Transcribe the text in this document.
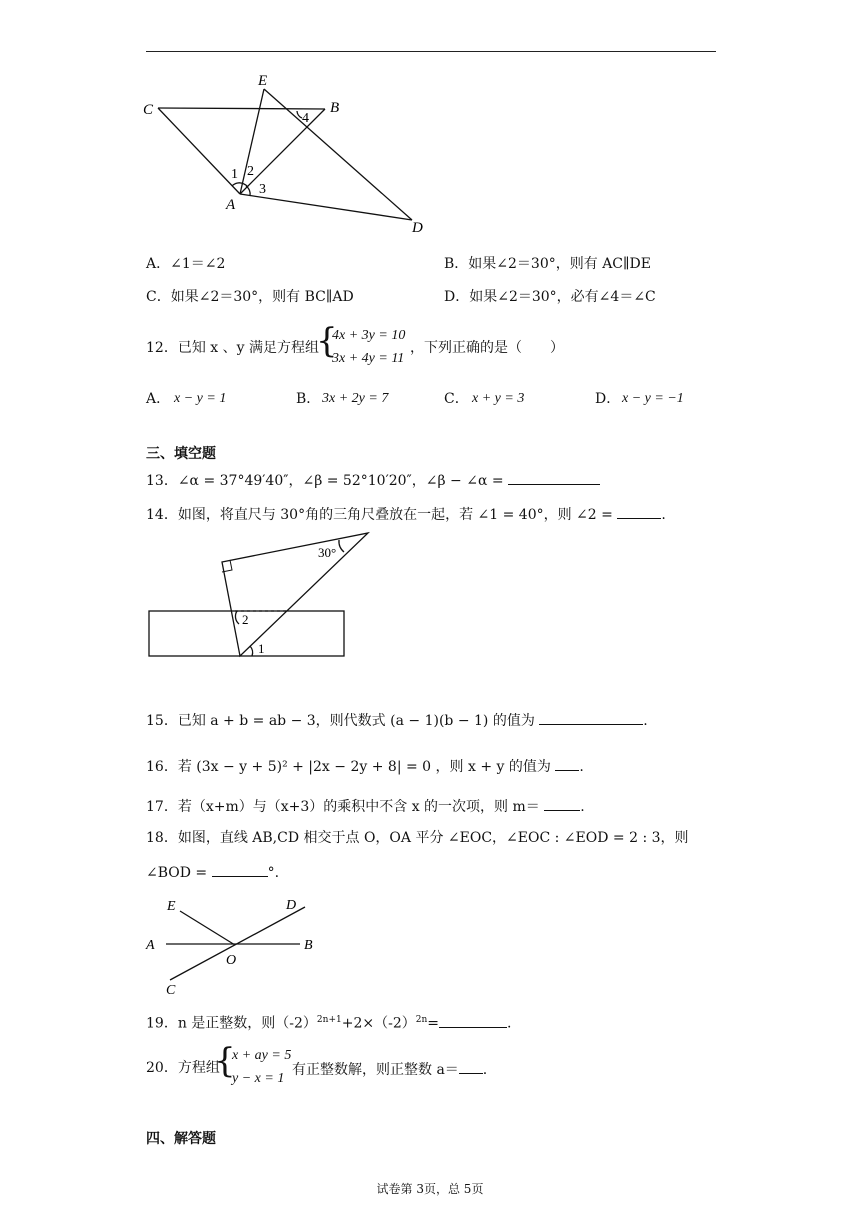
C
E
B
A
D
1 2
3
4
A．∠1＝∠2	B．如果∠2＝30°，则有 AC∥DE
C．如果∠2＝30°，则有 BC∥AD	D．如果∠2＝30°，必有∠4＝∠C
12．已知 x 、y 满足方程组
{
4x + 3y = 10
3x + 4y = 11
，下列正确的是（　　）
A． x − y = 1	B． 3x + 2y = 7	C． x + y = 3	D． x − y = −1
三、填空题
13．∠α = 37°49′40″，∠β = 52°10′20″，∠β − ∠α =
14．如图，将直尺与 30°角的三角尺叠放在一起，若 ∠1 = 40°，则 ∠2 =	.
30°
2
1
15．已知 a + b = ab − 3，则代数式 (a − 1)(b − 1) 的值为	.
16．若 (3x − y + 5)² + |2x − 2y + 8| = 0 ，则 x + y 的值为 .
17．若（x+m）与（x+3）的乘积中不含 x 的一次项，则 m＝	.
18．如图，直线 AB,CD 相交于点 O，OA 平分 ∠EOC，∠EOC : ∠EOD = 2 : 3，则
∠BOD =	°.
E	D
A
O
B
C
19．n 是正整数，则$(-2)^{2n+1}+2\times(-2)^{2n}=$	.
20．方程组
{
x + ay = 5
y − x = 1
有正整数解，则正整数 a＝ .
四、解答题
试卷第 3页，总 5页
